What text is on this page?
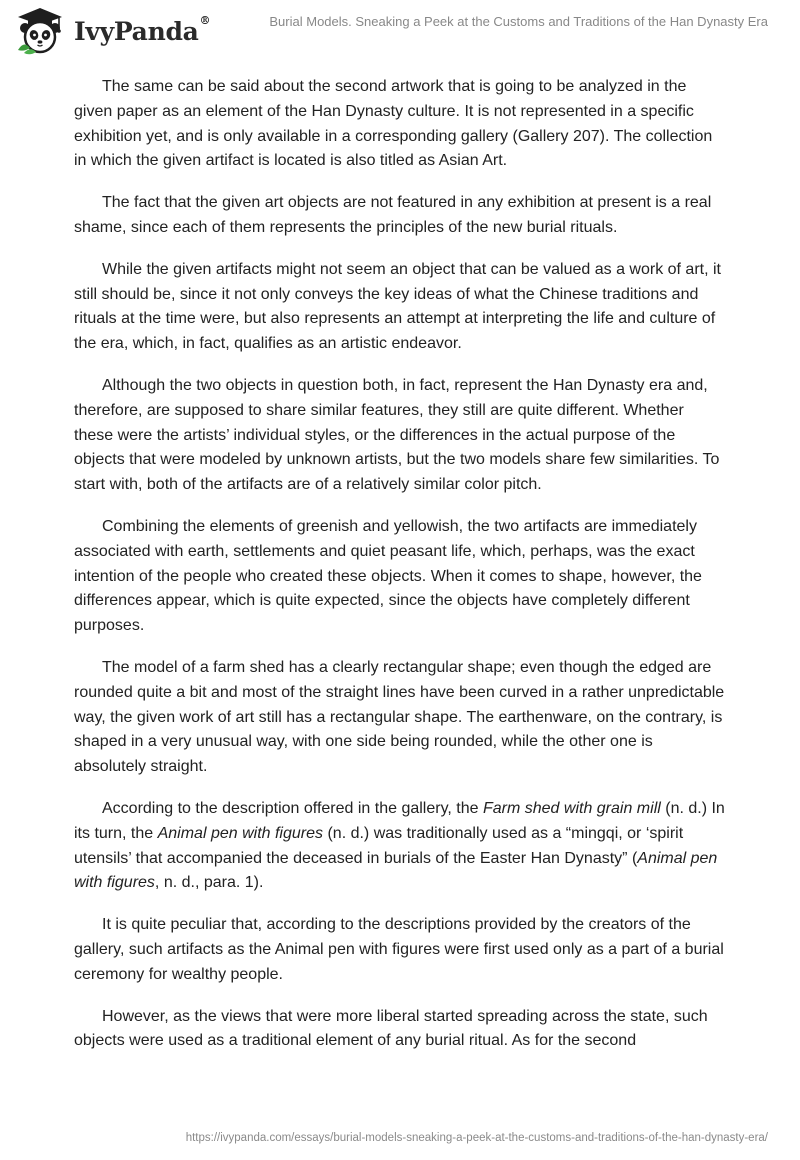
IvyPanda®	Burial Models. Sneaking a Peek at the Customs and Traditions of the Han Dynasty Era

The same can be said about the second artwork that is going to be analyzed in the given paper as an element of the Han Dynasty culture. It is not represented in a specific exhibition yet, and is only available in a corresponding gallery (Gallery 207). The collection in which the given artifact is located is also titled as Asian Art.

The fact that the given art objects are not featured in any exhibition at present is a real shame, since each of them represents the principles of the new burial rituals.

While the given artifacts might not seem an object that can be valued as a work of art, it still should be, since it not only conveys the key ideas of what the Chinese traditions and rituals at the time were, but also represents an attempt at interpreting the life and culture of the era, which, in fact, qualifies as an artistic endeavor.

Although the two objects in question both, in fact, represent the Han Dynasty era and, therefore, are supposed to share similar features, they still are quite different. Whether these were the artists’ individual styles, or the differences in the actual purpose of the objects that were modeled by unknown artists, but the two models share few similarities. To start with, both of the artifacts are of a relatively similar color pitch.

Combining the elements of greenish and yellowish, the two artifacts are immediately associated with earth, settlements and quiet peasant life, which, perhaps, was the exact intention of the people who created these objects. When it comes to shape, however, the differences appear, which is quite expected, since the objects have completely different purposes.

The model of a farm shed has a clearly rectangular shape; even though the edged are rounded quite a bit and most of the straight lines have been curved in a rather unpredictable way, the given work of art still has a rectangular shape. The earthenware, on the contrary, is shaped in a very unusual way, with one side being rounded, while the other one is absolutely straight.

According to the description offered in the gallery, the Farm shed with grain mill (n. d.) In its turn, the Animal pen with figures (n. d.) was traditionally used as a “mingqi, or ‘spirit utensils’ that accompanied the deceased in burials of the Easter Han Dynasty” (Animal pen with figures, n. d., para. 1).

It is quite peculiar that, according to the descriptions provided by the creators of the gallery, such artifacts as the Animal pen with figures were first used only as a part of a burial ceremony for wealthy people.

However, as the views that were more liberal started spreading across the state, such objects were used as a traditional element of any burial ritual. As for the second

https://ivypanda.com/essays/burial-models-sneaking-a-peek-at-the-customs-and-traditions-of-the-han-dynasty-era/
